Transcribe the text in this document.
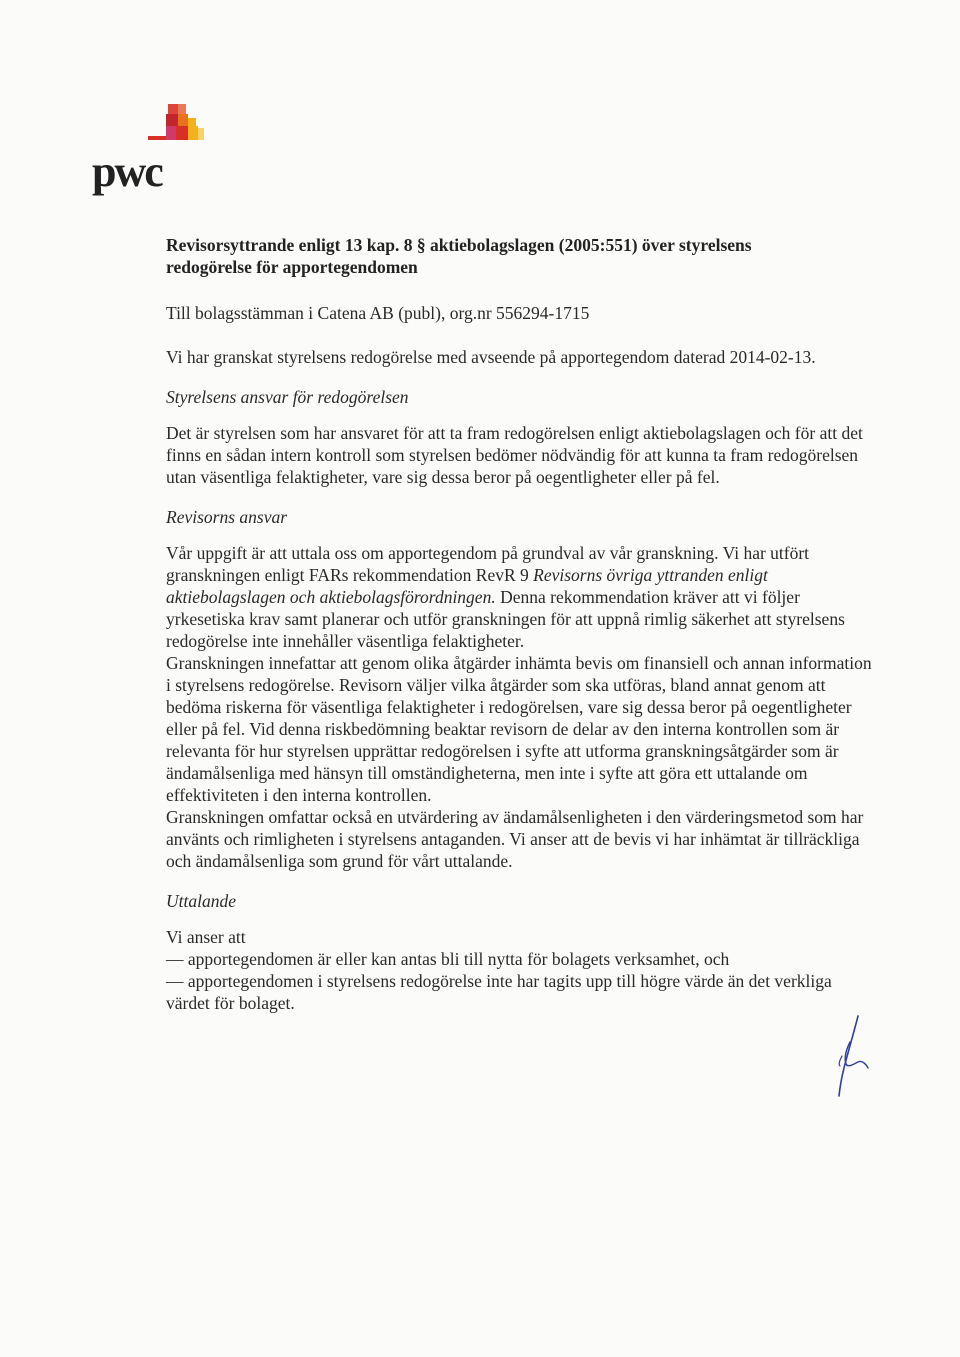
pwc
Revisorsyttrande enligt 13 kap. 8 § aktiebolagslagen (2005:551) över styrelsens redogörelse för apportegendomen

Till bolagsstämman i Catena AB (publ), org.nr 556294-1715

Vi har granskat styrelsens redogörelse med avseende på apportegendom daterad 2014-02-13.

Styrelsens ansvar för redogörelsen

Det är styrelsen som har ansvaret för att ta fram redogörelsen enligt aktiebolagslagen och för att det finns en sådan intern kontroll som styrelsen bedömer nödvändig för att kunna ta fram redogörelsen utan väsentliga felaktigheter, vare sig dessa beror på oegentligheter eller på fel.

Revisorns ansvar

Vår uppgift är att uttala oss om apportegendom på grundval av vår granskning. Vi har utfört granskningen enligt FARs rekommendation RevR 9 Revisorns övriga yttranden enligt aktiebolagslagen och aktiebolagsförordningen. Denna rekommendation kräver att vi följer yrkesetiska krav samt planerar och utför granskningen för att uppnå rimlig säkerhet att styrelsens redogörelse inte innehåller väsentliga felaktigheter.

Granskningen innefattar att genom olika åtgärder inhämta bevis om finansiell och annan information i styrelsens redogörelse. Revisorn väljer vilka åtgärder som ska utföras, bland annat genom att bedöma riskerna för väsentliga felaktigheter i redogörelsen, vare sig dessa beror på oegentligheter eller på fel. Vid denna riskbedömning beaktar revisorn de delar av den interna kontrollen som är relevanta för hur styrelsen upprättar redogörelsen i syfte att utforma granskningsåtgärder som är ändamålsenliga med hänsyn till omständigheterna, men inte i syfte att göra ett uttalande om effektiviteten i den interna kontrollen.

Granskningen omfattar också en utvärdering av ändamålsenligheten i den värderingsmetod som har använts och rimligheten i styrelsens antaganden. Vi anser att de bevis vi har inhämtat är tillräckliga och ändamålsenliga som grund för vårt uttalande.

Uttalande

Vi anser att

— apportegendomen är eller kan antas bli till nytta för bolagets verksamhet, och

— apportegendomen i styrelsens redogörelse inte har tagits upp till högre värde än det verkliga värdet för bolaget.
